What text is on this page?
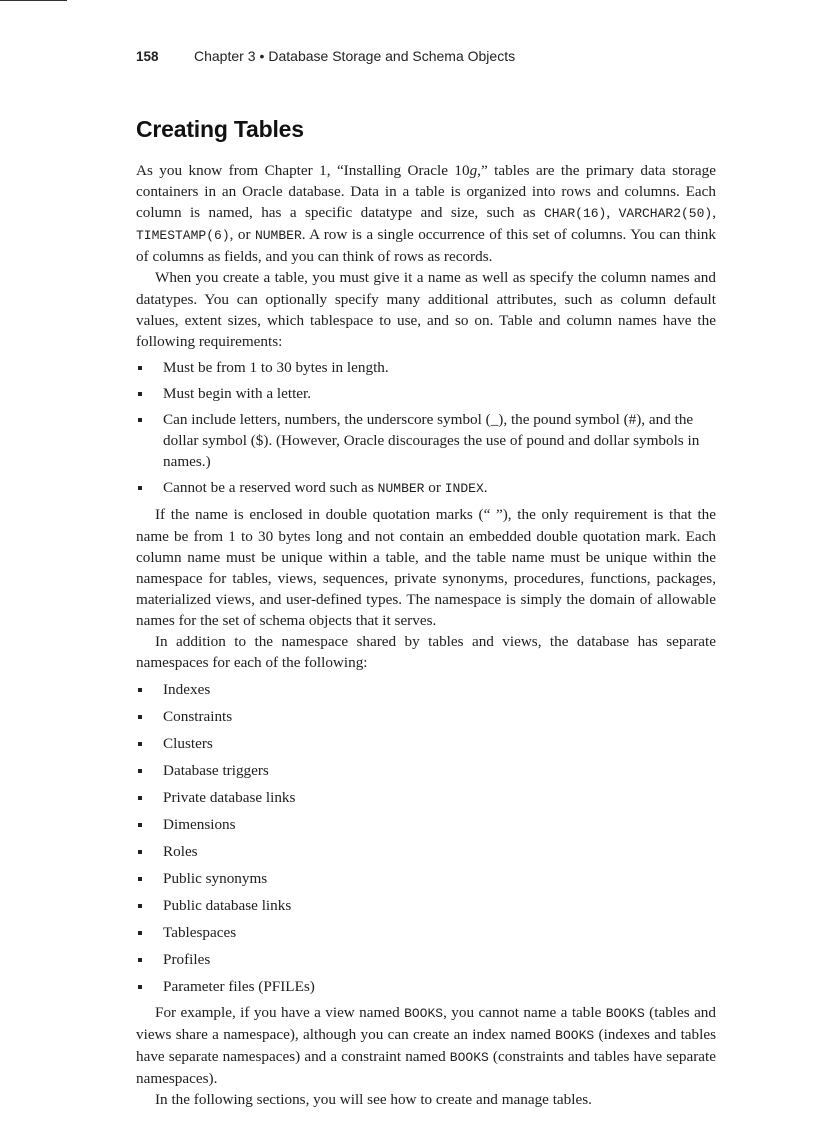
158	Chapter 3 • Database Storage and Schema Objects
Creating Tables

As you know from Chapter 1, “Installing Oracle 10g,” tables are the primary data storage containers in an Oracle database. Data in a table is organized into rows and columns. Each column is named, has a specific datatype and size, such as CHAR(16), VARCHAR2(50), TIMESTAMP(6), or NUMBER. A row is a single occurrence of this set of columns. You can think of columns as fields, and you can think of rows as records.

When you create a table, you must give it a name as well as specify the column names and datatypes. You can optionally specify many additional attributes, such as column default values, extent sizes, which tablespace to use, and so on. Table and column names have the following requirements:

Must be from 1 to 30 bytes in length.
Must begin with a letter.
Can include letters, numbers, the underscore symbol (_), the pound symbol (#), and the dollar symbol ($). (However, Oracle discourages the use of pound and dollar symbols in names.)
Cannot be a reserved word such as NUMBER or INDEX.

If the name is enclosed in double quotation marks (“ ”), the only requirement is that the name be from 1 to 30 bytes long and not contain an embedded double quotation mark. Each column name must be unique within a table, and the table name must be unique within the namespace for tables, views, sequences, private synonyms, procedures, functions, packages, materialized views, and user-defined types. The namespace is simply the domain of allowable names for the set of schema objects that it serves.

In addition to the namespace shared by tables and views, the database has separate namespaces for each of the following:

Indexes
Constraints
Clusters
Database triggers
Private database links
Dimensions
Roles
Public synonyms
Public database links
Tablespaces
Profiles
Parameter files (PFILEs)

For example, if you have a view named BOOKS, you cannot name a table BOOKS (tables and views share a namespace), although you can create an index named BOOKS (indexes and tables have separate namespaces) and a constraint named BOOKS (constraints and tables have separate namespaces).

In the following sections, you will see how to create and manage tables.
